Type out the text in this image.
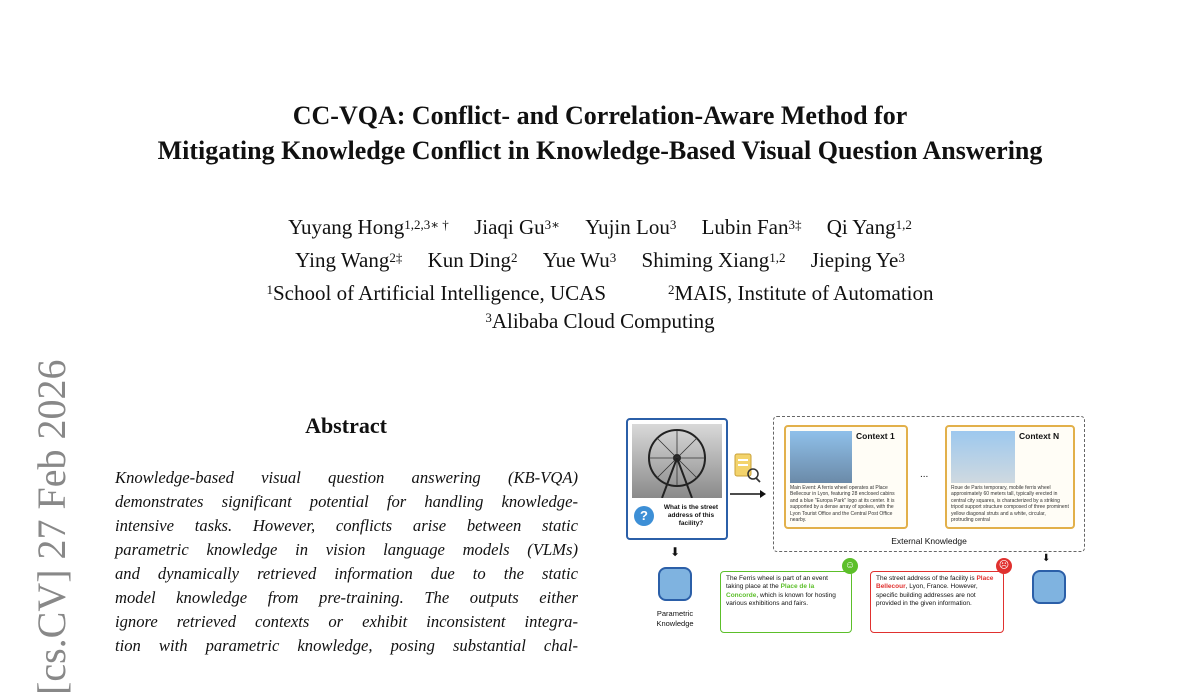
[cs.CV] 27 Feb 2026
CC-VQA: Conflict- and Correlation-Aware Method for
Mitigating Knowledge Conflict in Knowledge-Based Visual Question Answering
Yuyang Hong$^{1,2,3∗ \dagger}$ Jiaqi $Gu^{3∗}$ Yujin Lou$^3$ Lubin Fan$^{3\ddagger}$ Qi Yang$^{1,2}$
Ying Wang$^{2\ddagger}$ Kun Ding$^2$ Yue Wu$^3$ Shiming Xiang$^{1,2}$ Jieping Ye$^3$
$^1$School of Artificial Intelligence, UCAS	$^2$MAIS, Institute of Automation
$^3$Alibaba Cloud Computing
Abstract

Knowledge-based visual question answering (KB-VQA)

demonstrates significant potential for handling knowledge-

intensive tasks. However, conflicts arise between static

parametric knowledge in vision language models (VLMs)

and dynamically retrieved information due to the static

model knowledge from pre-training. The outputs either

ignore retrieved contexts or exhibit inconsistent integra-

tion with parametric knowledge, posing substantial chal-

?
What is the street address of this facility?
Context 1
Main Event: A ferris wheel operates at Place Bellecour in Lyon, featuring 28 enclosed cabins and a blue "Europa Park" logo at its center. It is supported by a dense array of spokes, with the Lyon Tourist Office and the Central Post Office nearby.
...
Context N
Roue de Paris temporary, mobile ferris wheel approximately 60 meters tall, typically erected in central city squares, is characterized by a striking tripod support structure composed of three prominent yellow diagonal struts and a white, circular, protruding central
External Knowledge
⬇	⬇
Parametric
Knowledge
The Ferris wheel is part of an event taking place at the Place de la Concorde, which is known for hosting various exhibitions and fairs.
☺
The street address of the facility is Place Bellecour, Lyon, France. However, specific building addresses are not provided in the given information.
☹
